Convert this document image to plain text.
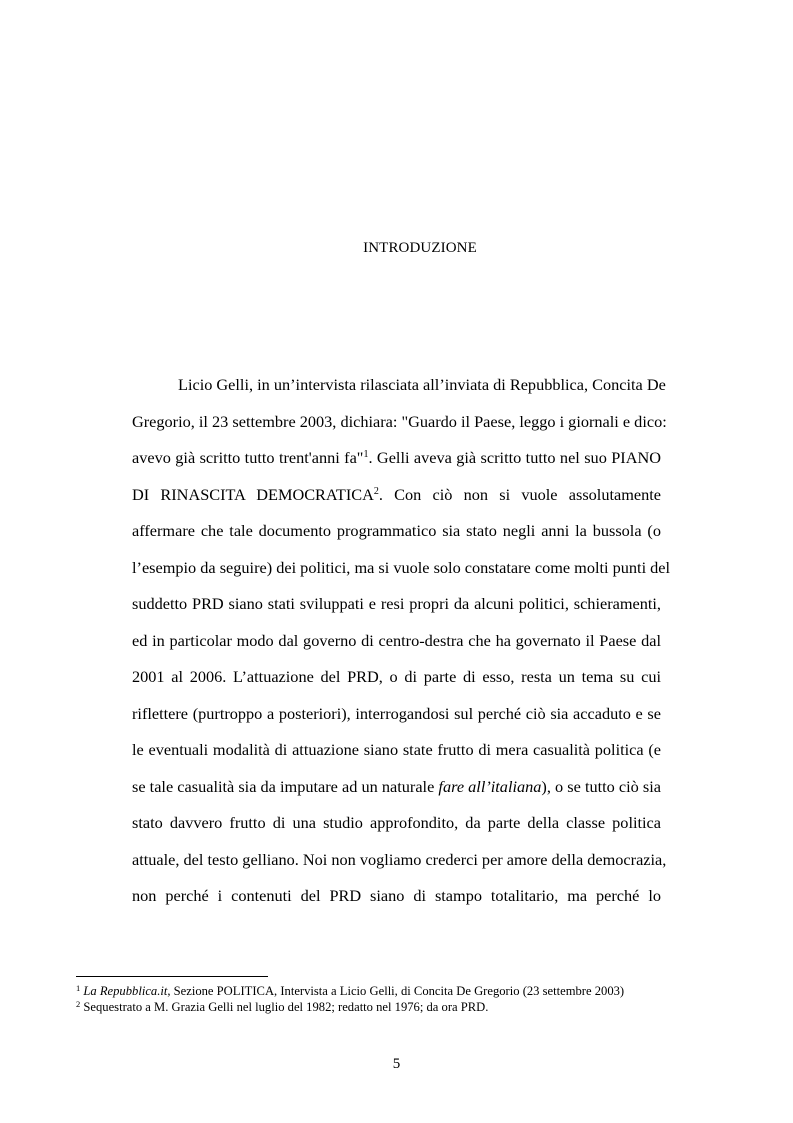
INTRODUZIONE
Licio Gelli, in un’intervista rilasciata all’inviata di Repubblica, Concita De
Gregorio, il 23 settembre 2003, dichiara: "Guardo il Paese, leggo i giornali e dico:
avevo già scritto tutto trent'anni fa"$^1$. Gelli aveva già scritto tutto nel suo PIANO
DI RINASCITA DEMOCRATICA$^2$. Con ciò non si vuole assolutamente
affermare che tale documento programmatico sia stato negli anni la bussola (o
l’esempio da seguire) dei politici, ma si vuole solo constatare come molti punti del
suddetto PRD siano stati sviluppati e resi propri da alcuni politici, schieramenti,
ed in particolar modo dal governo di centro-destra che ha governato il Paese dal
2001 al 2006. L’attuazione del PRD, o di parte di esso, resta un tema su cui
riflettere (purtroppo a posteriori), interrogandosi sul perché ciò sia accaduto e se
le eventuali modalità di attuazione siano state frutto di mera casualità politica (e
se tale casualità sia da imputare ad un naturale fare all’italiana), o se tutto ciò sia
stato davvero frutto di una studio approfondito, da parte della classe politica
attuale, del testo gelliano. Noi non vogliamo crederci per amore della democrazia,
non perché i contenuti del PRD siano di stampo totalitario, ma perché lo
$^1$ La Repubblica.it, Sezione POLITICA, Intervista a Licio Gelli, di Concita De Gregorio (23 settembre 2003)
$^2$ Sequestrato a M. Grazia Gelli nel luglio del 1982; redatto nel 1976; da ora PRD.
5
